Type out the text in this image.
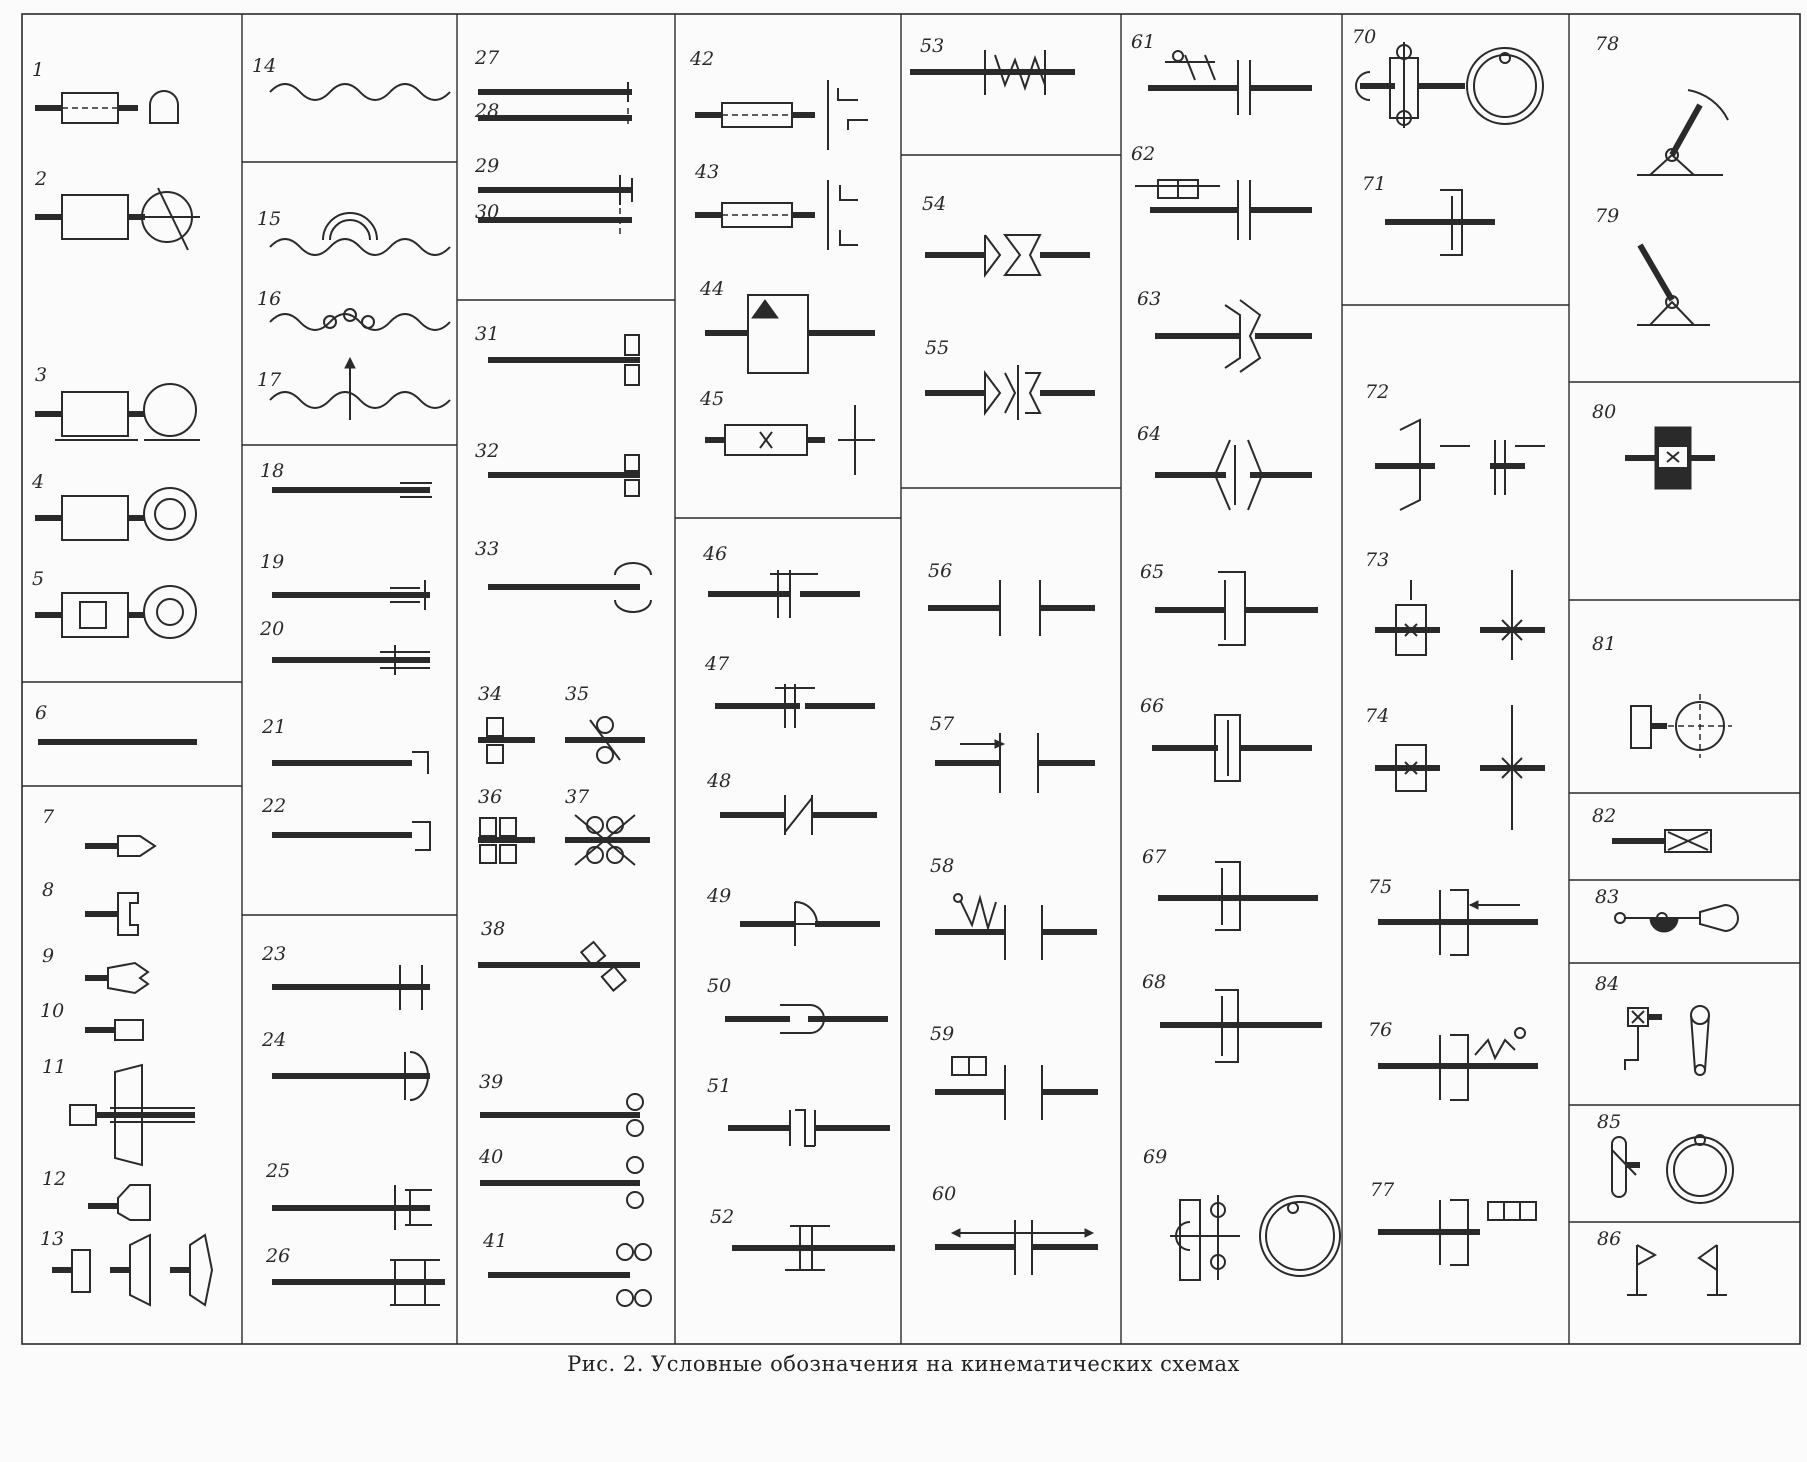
1
2
3
4
5
6
7
8
9
10
11
12
13
14
15
16
17
18
19
20
21
22
23
24
25
26
27
28
29
30
31
32
33
34	35
36	37
38
39
40
41
42
43
44
45
46
47
48
49
50
51
52
53
54
55
56
57
58
59
60
61
62
63
64
65
66
67
68
69
70
71
72
73
74
75
76
77
78
79
80
81
82
83
84
85
86
Рис. 2. Условные обозначения на кинематических схемах
